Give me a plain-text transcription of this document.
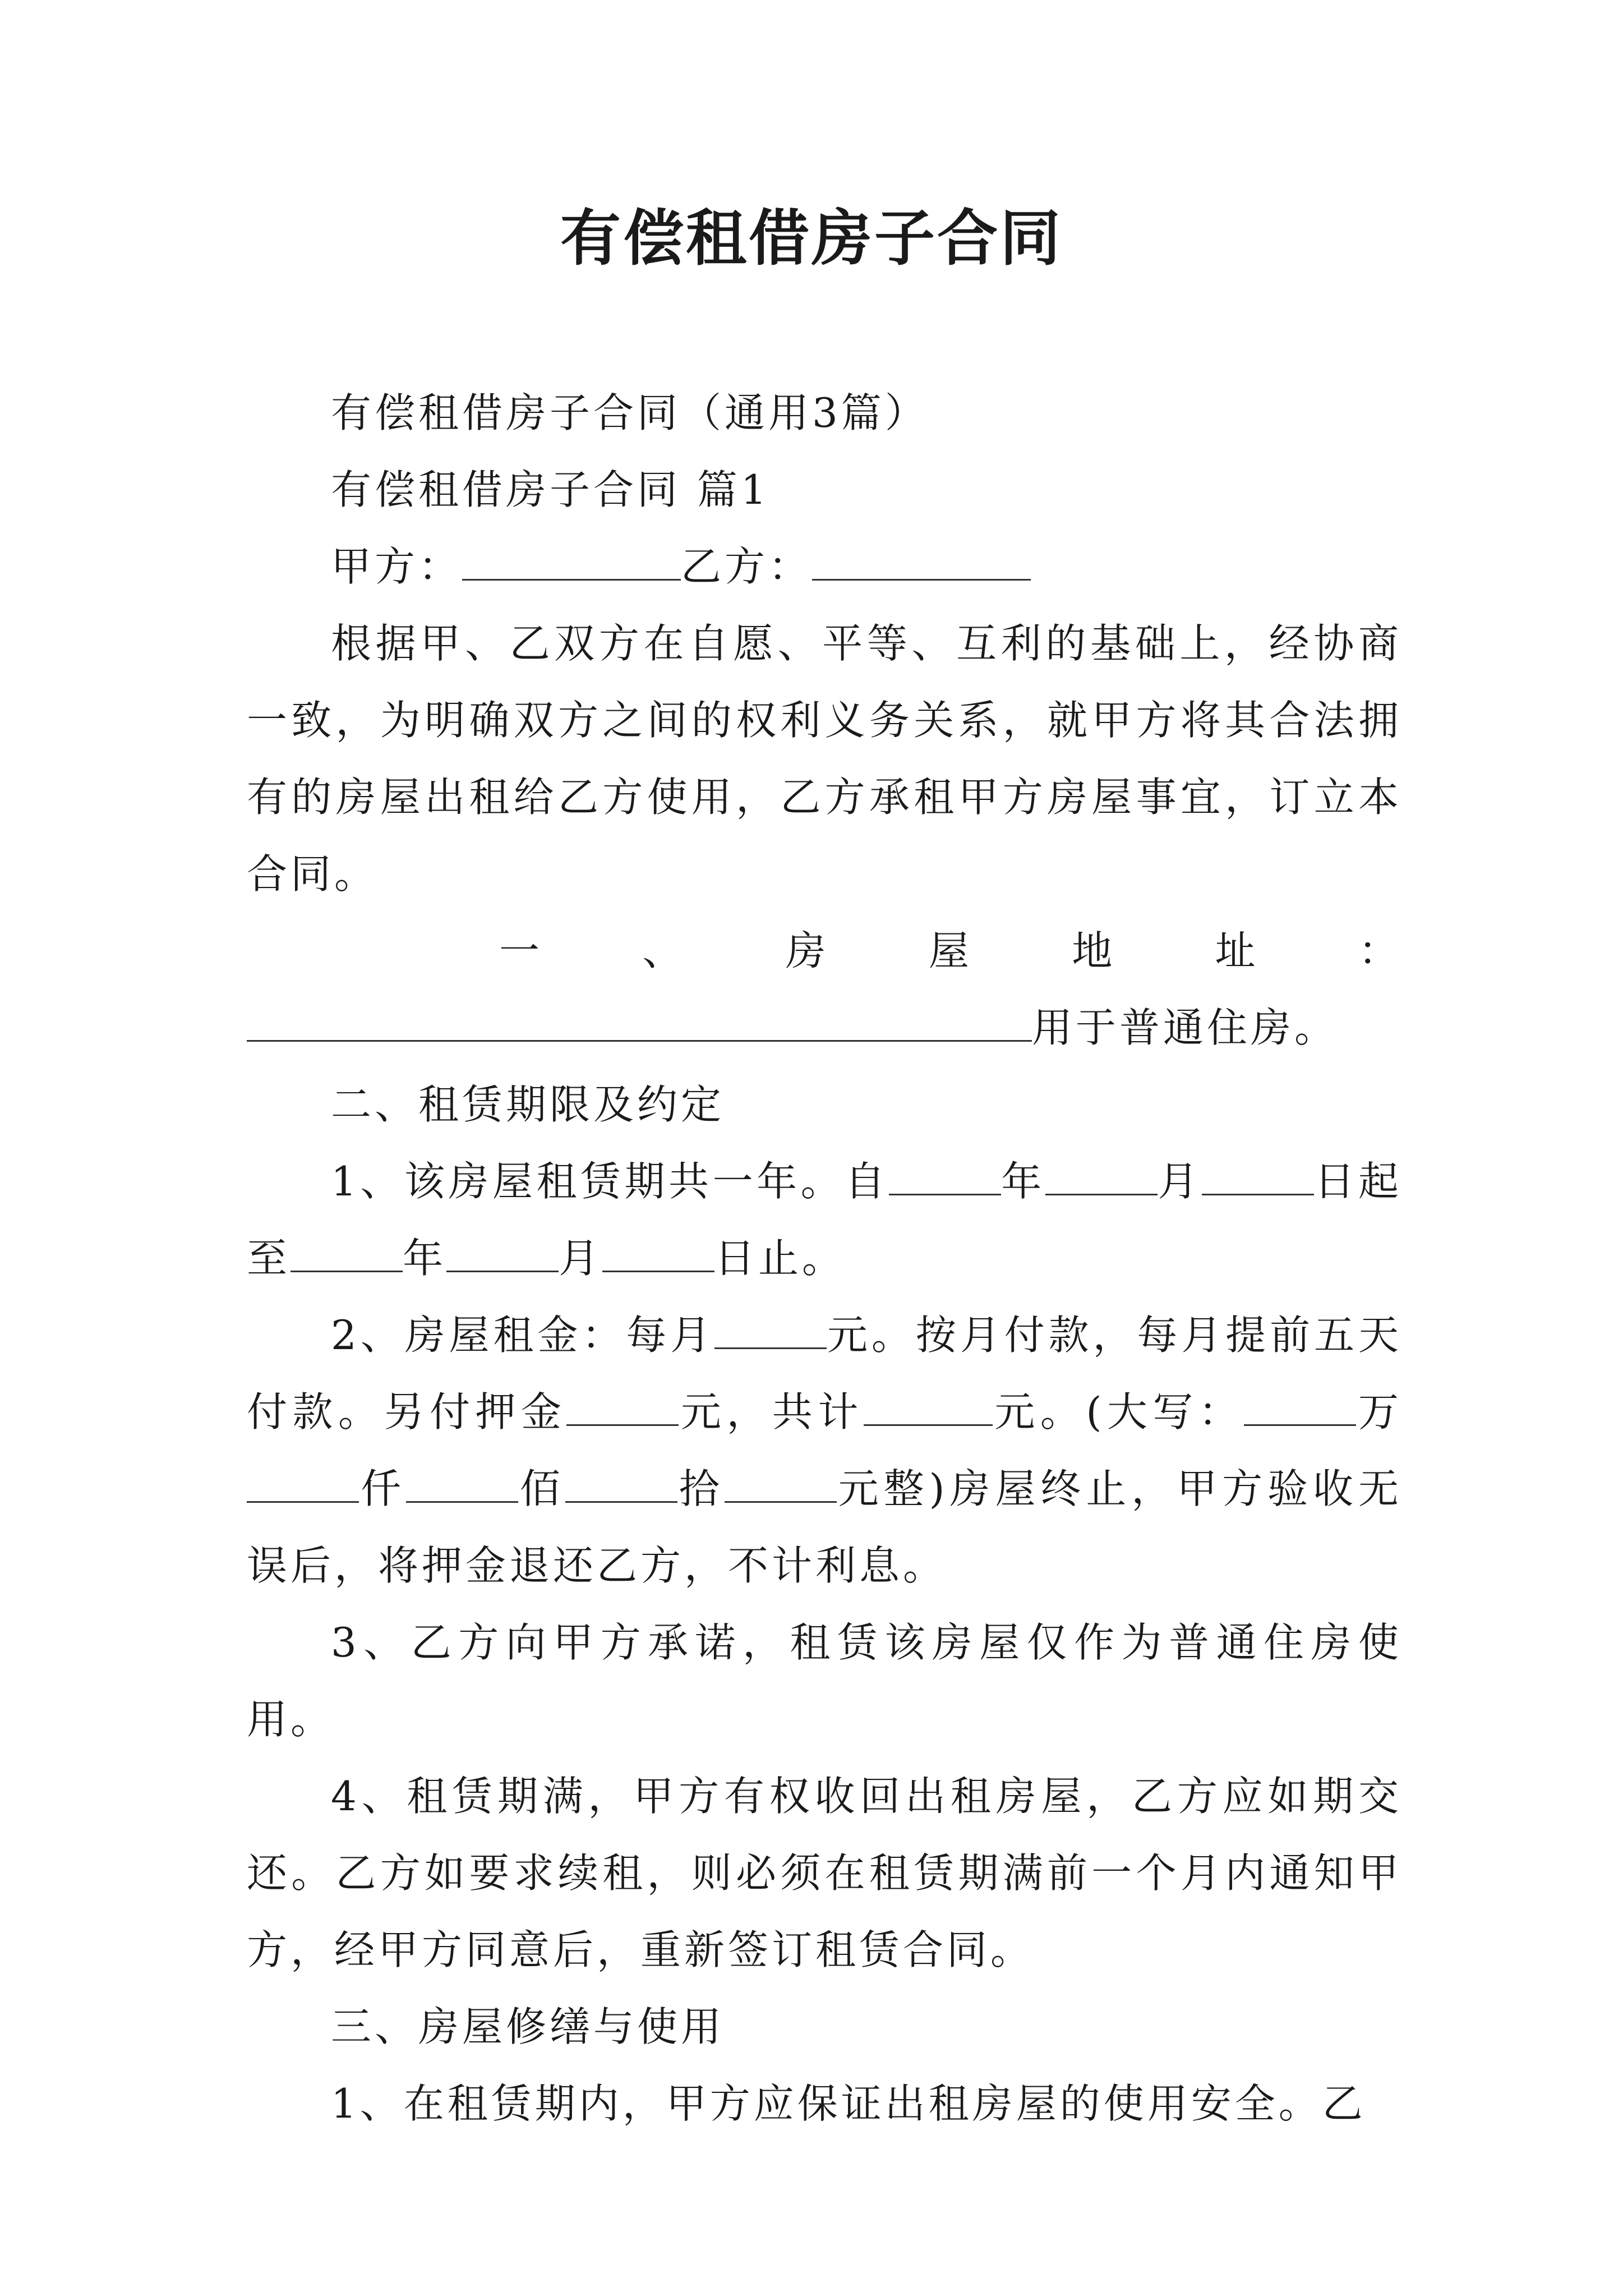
有偿租借房子合同

有偿租借房子合同（通用3篇）

有偿租借房子合同 篇1

甲方：	乙方：

根据甲、乙双方在自愿、平等、互利的基础上，经协商一致，为明确双方之间的权利义务关系，就甲方将其合法拥有的房屋出租给乙方使用，乙方承租甲方房屋事宜，订立本合同。

一 、 房 屋 地 址 ：

用于普通住房。

二、租赁期限及约定

1、该房屋租赁期共一年。自	年	月	日起至	年	月	日止。

2、房屋租金：每月	元。按月付款，每月提前五天付款。另付押金	元，共计	元。(大写：	万仟	佰	拾	元整)房屋终止，甲方验收无误后，将押金退还乙方，不计利息。

3、乙方向甲方承诺，租赁该房屋仅作为普通住房使用。

4、租赁期满，甲方有权收回出租房屋，乙方应如期交还。乙方如要求续租，则必须在租赁期满前一个月内通知甲方，经甲方同意后，重新签订租赁合同。

三、房屋修缮与使用

1、在租赁期内，甲方应保证出租房屋的使用安全。乙
